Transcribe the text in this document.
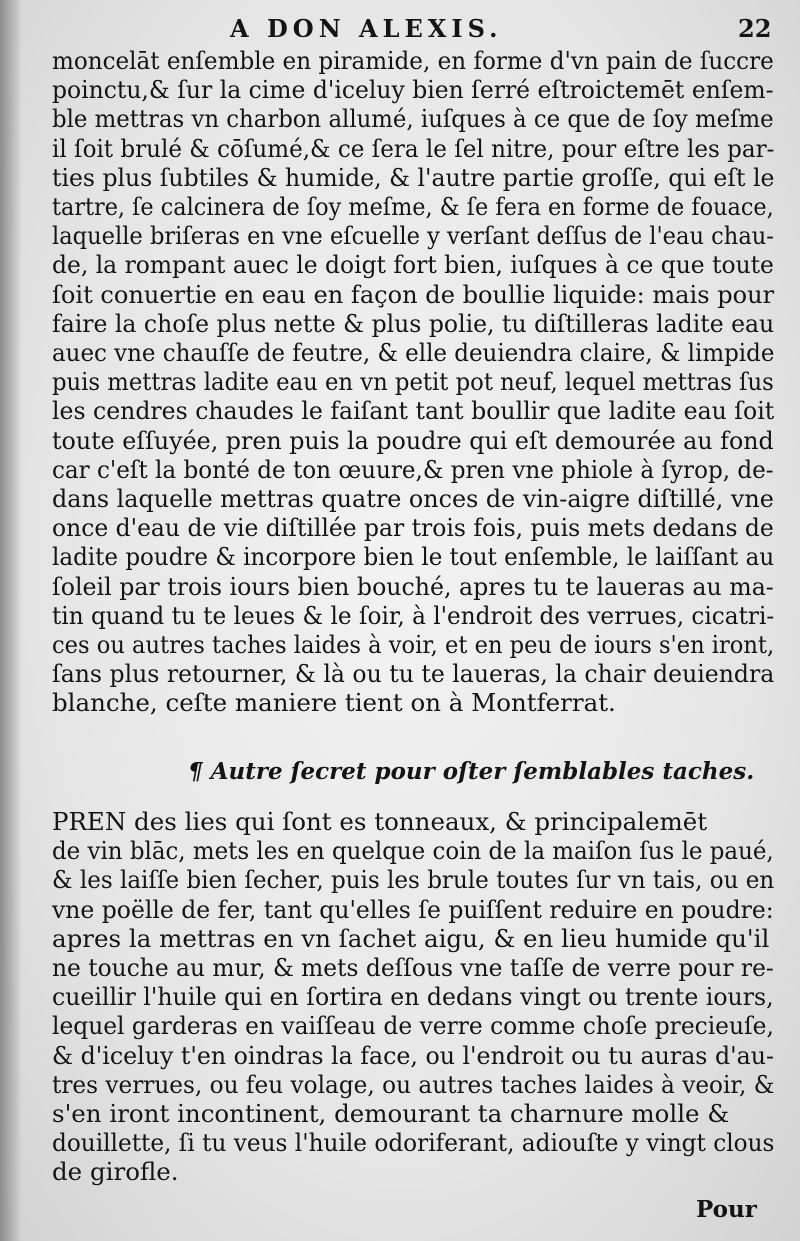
A DON ALEXIS.	22
moncelāt enſemble en piramide, en forme d'vn pain de ſuccre
poinctu,& ſur la cime d'iceluy bien ſerré eſtroictemēt enſem-
ble mettras vn charbon allumé, iuſques à ce que de ſoy meſme
il ſoit brulé & cōſumé,& ce ſera le ſel nitre, pour eſtre les par-
ties plus ſubtiles & humide, & l'autre partie groſſe, qui eſt le
tartre, ſe calcinera de ſoy meſme, & ſe fera en forme de fouace,
laquelle briſeras en vne eſcuelle y verſant deſſus de l'eau chau-
de, la rompant auec le doigt fort bien, iuſques à ce que toute
ſoit conuertie en eau en façon de boullie liquide: mais pour
faire la choſe plus nette & plus polie, tu diſtilleras ladite eau
auec vne chauſſe de feutre, & elle deuiendra claire, & limpide
puis mettras ladite eau en vn petit pot neuf, lequel mettras ſus
les cendres chaudes le faiſant tant boullir que ladite eau ſoit
toute eſſuyée, pren puis la poudre qui eſt demourée au fond
car c'eſt la bonté de ton œuure,& pren vne phiole à ſyrop, de-
dans laquelle mettras quatre onces de vin-aigre diſtillé, vne
once d'eau de vie diſtillée par trois fois, puis mets dedans de
ladite poudre & incorpore bien le tout enſemble, le laiſſant au
ſoleil par trois iours bien bouché, apres tu te laueras au ma-
tin quand tu te leues & le ſoir, à l'endroit des verrues, cicatri-
ces ou autres taches laides à voir, et en peu de iours s'en iront,
ſans plus retourner, & là ou tu te laueras, la chair deuiendra
blanche, ceſte maniere tient on à Montferrat.
¶ Autre ſecret pour oſter ſemblables taches.
PREN des lies qui ſont es tonneaux, & principalemēt
de vin blāc, mets les en quelque coin de la maiſon ſus le paué,
& les laiſſe bien ſecher, puis les brule toutes ſur vn tais, ou en
vne poëlle de fer, tant qu'elles ſe puiſſent reduire en poudre:
apres la mettras en vn ſachet aigu, & en lieu humide qu'il
ne touche au mur, & mets deſſous vne taſſe de verre pour re-
cueillir l'huile qui en ſortira en dedans vingt ou trente iours,
lequel garderas en vaiſſeau de verre comme choſe precieuſe,
& d'iceluy t'en oindras la face, ou l'endroit ou tu auras d'au-
tres verrues, ou feu volage, ou autres taches laides à veoir, &
s'en iront incontinent, demourant ta charnure molle &
douillette, ſi tu veus l'huile odoriferant, adiouſte y vingt clous
de girofle.
Pour
